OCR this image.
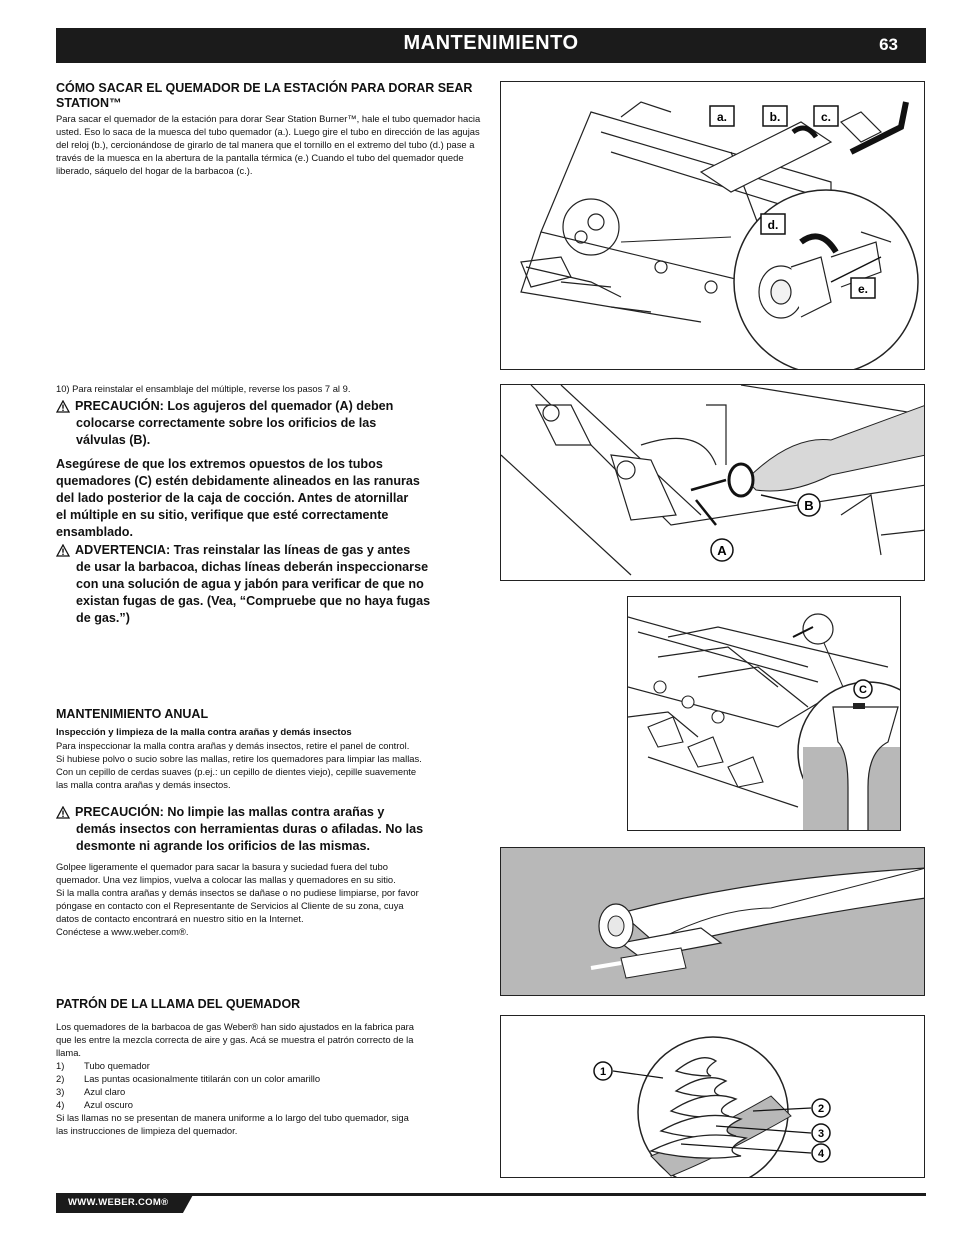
MANTENIMIENTO	63
CÓMO SACAR EL QUEMADOR DE LA ESTACIÓN PARA DORAR SEAR STATION™
Para sacar el quemador de la estación para dorar Sear Station Burner™, hale el tubo quemador hacia usted. Eso lo saca de la muesca del tubo quemador (a.). Luego gire el tubo en dirección de las agujas del reloj (b.), cercionándose de girarlo de tal manera que el tornillo en el extremo del tubo (d.) pase a través de la muesca en la abertura de la pantalla térmica (e.) Cuando el tubo del quemador quede liberado, sáquelo del hogar de la barbacoa (c.).
10) Para reinstalar el ensamblaje del múltiple, reverse los pasos 7 al 9.
PRECAUCIÓN: Los agujeros del quemador (A) deben
colocarse correctamente sobre los orificios de las
válvulas (B).
Asegúrese de que los extremos opuestos de los tubos
quemadores (C) estén debidamente alineados en las ranuras
del lado posterior de la caja de cocción. Antes de atornillar
el múltiple en su sitio, verifique que esté correctamente
ensamblado.
ADVERTENCIA: Tras reinstalar las líneas de gas y antes
de usar la barbacoa, dichas líneas deberán inspeccionarse
con una solución de agua y jabón para verificar de que no
existan fugas de gas. (Vea, “Compruebe que no haya fugas
de gas.”)
MANTENIMIENTO ANUAL
Inspección y limpieza de la malla contra arañas y demás insectos
Para inspeccionar la malla contra arañas y demás insectos, retire el panel de control.
Si hubiese polvo o sucio sobre las mallas, retire los quemadores para limpiar las mallas.
Con un cepillo de cerdas suaves (p.ej.: un cepillo de dientes viejo), cepille suavemente
las malla contra arañas y demás insectos.
PRECAUCIÓN: No limpie las mallas contra arañas y
demás insectos con herramientas duras o afiladas. No las
desmonte ni agrande los orificios de las mismas.
Golpee ligeramente el quemador para sacar la basura y suciedad fuera del tubo
quemador. Una vez limpios, vuelva a colocar las mallas y quemadores en su sitio.
Si la malla contra arañas y demás insectos se dañase o no pudiese limpiarse, por favor
póngase en contacto con el Representante de Servicios al Cliente de su zona, cuya
datos de contacto encontrará en nuestro sitio en la Internet.
Conéctese a www.weber.com®.
PATRÓN DE LA LLAMA DEL QUEMADOR
Los quemadores de la barbacoa de gas Weber® han sido ajustados en la fabrica para
que les entre la mezcla correcta de aire y gas. Acá se muestra el patrón correcto de la
llama.
1)	Tubo quemador
2)	Las puntas ocasionalmente titilarán con un color amarillo
3)	Azul claro
4)	Azul oscuro
Si las llamas no se presentan de manera uniforme a lo largo del tubo quemador, siga
las instrucciones de limpieza del quemador.
a.	b.	c.
d.
e.
B
A
C
1
2
3
4
WWW.WEBER.COM®
